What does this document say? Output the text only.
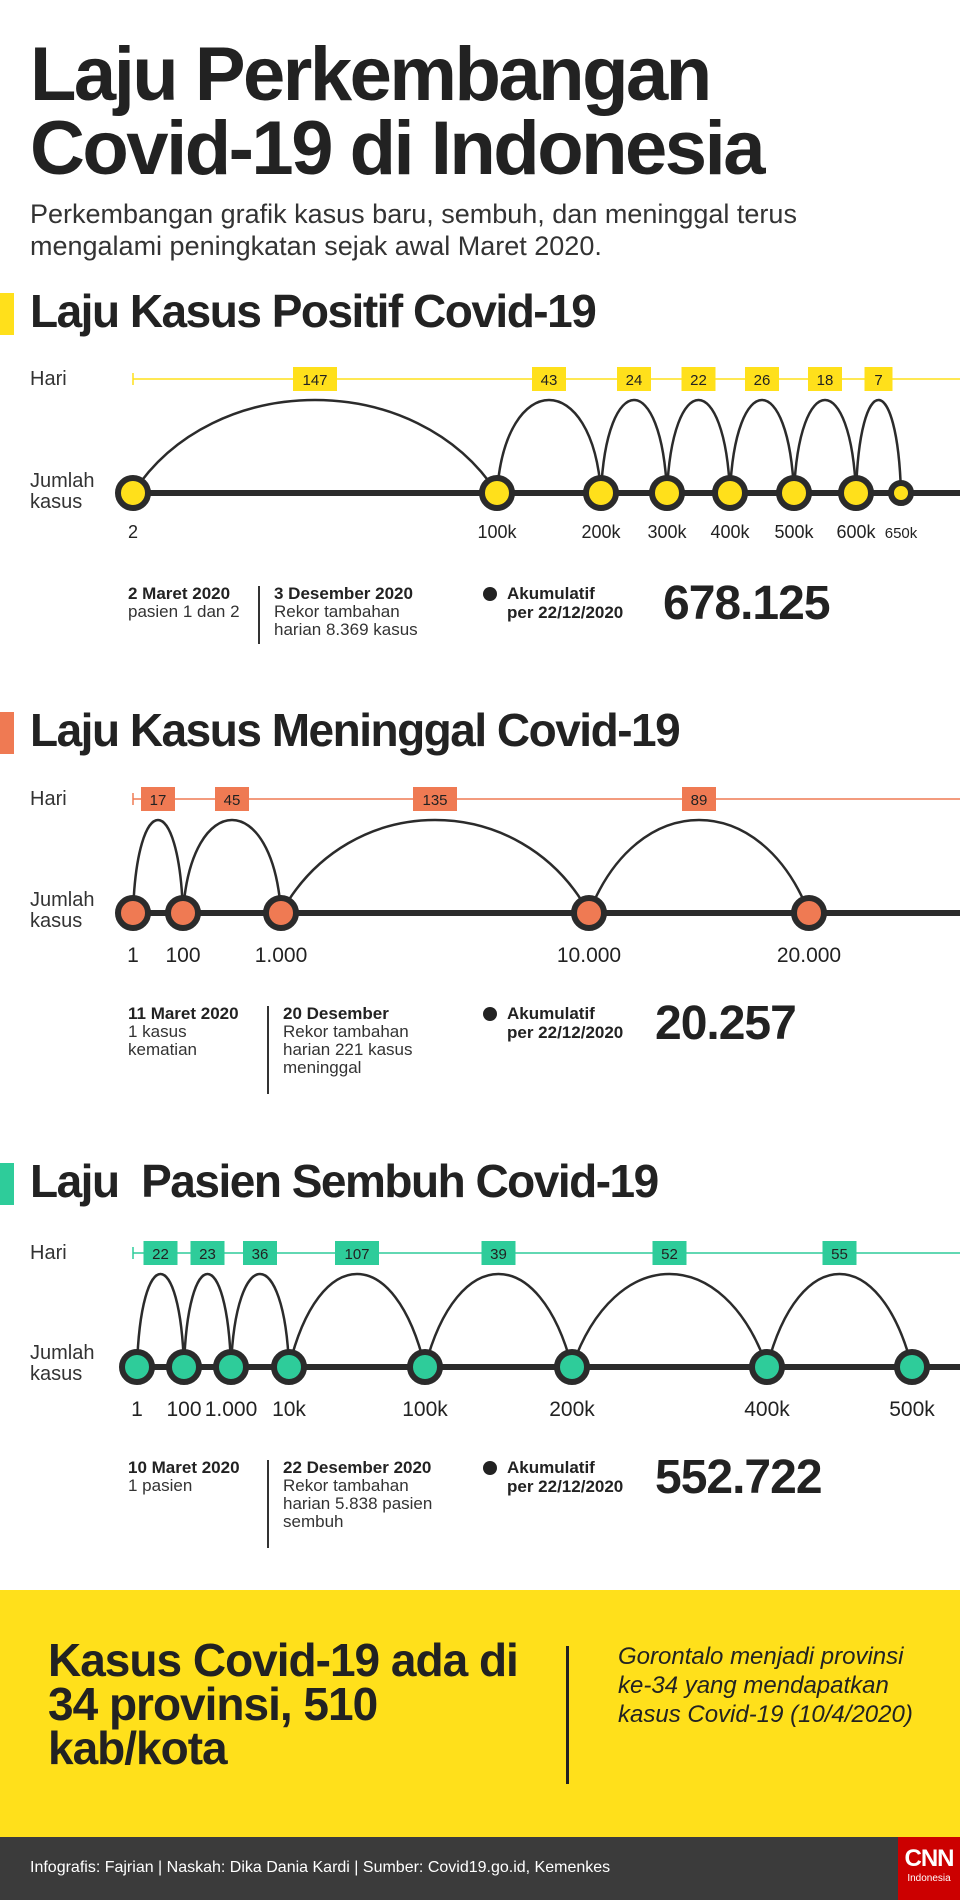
Laju Perkembangan
Covid-19 di Indonesia

Perkembangan grafik kasus baru, sembuh, dan meninggal terus mengalami peningkatan sejak awal Maret 2020.

Laju Kasus Positif Covid-19
Hari
Jumlah kasus
147	43	24	22	26	18	7
2	100k	200k 300k 400k 500k 600k 650k
2 Maret 2020
pasien 1 dan 2
3 Desember 2020
Rekor tambahan harian 8.369 kasus
Akumulatif
per 22/12/2020 678.125
Laju Kasus Meninggal Covid-19
Hari
Jumlah kasus
17	45	135	89
1 100	1.000	10.000	20.000
11 Maret 2020
1 kasus kematian
20 Desember
Rekor tambahan harian 221 kasus meninggal
Akumulatif
per 22/12/2020 20.257
Laju  Pasien Sembuh Covid-19
Hari
Jumlah kasus
22 23 36	107	39	52	55
1 100 1.000 10k	100k	200k	400k	500k
10 Maret 2020
1 pasien
22 Desember 2020
Rekor tambahan harian 5.838 pasien sembuh
Akumulatif
per 22/12/2020 552.722
Kasus Covid-19 ada di 34 provinsi, 510 kab/kota

Gorontalo menjadi provinsi ke-34 yang mendapatkan kasus Covid-19 (10/4/2020)

Infografis: Fajrian | Naskah: Dika Dania Kardi | Sumber: Covid19.go.id, Kemenkes	CNN
Indonesia
